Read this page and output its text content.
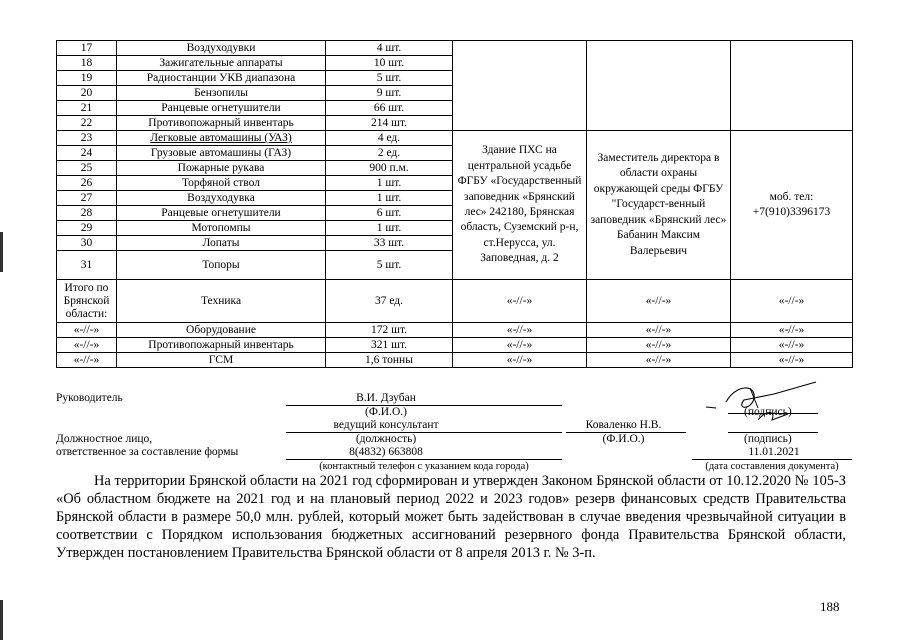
17	Воздуходувки	4 шт.			
18	Зажигательные аппараты	10 шт.			
19	Радиостанции УКВ диапазона	5 шт.			
20	Бензопилы	9 шт.			
21	Ранцевые огнетушители	66 шт.			
22	Противопожарный инвентарь	214 шт.			
23	Легковые автомашины (УАЗ)	4 ед.	Здание ПХС на центральной усадьбе ФГБУ «Государственный заповедник «Брянский лес» 242180, Брянская область, Суземский р-н, ст.Нерусса, ул. Заповедная, д. 2	Заместитель директора в области охраны окружающей среды ФГБУ "Государст-венный заповедник «Брянский лес» Бабанин Максим Валерьевич	моб. тел: +7(910)3396173
24	Грузовые автомашины (ГАЗ)	2 ед.			
25	Пожарные рукава	900 п.м.			
26	Торфяной ствол	1 шт.			
27	Воздуходувка	1 шт.			
28	Ранцевые огнетушители	6 шт.			
29	Мотопомпы	1 шт.			
30	Лопаты	33 шт.			
31	Топоры	5 шт.			
Итого по Брянской области:	Техника	37 ед.	«-//-»	«-//-»	«-//-»
«-//-»	Оборудование	172 шт.	«-//-»	«-//-»	«-//-»
«-//-»	Противопожарный инвентарь	321 шт.	«-//-»	«-//-»	«-//-»
«-//-»	ГСМ	1,6 тонны	«-//-»	«-//-»	«-//-»
Руководитель	В.И. Дзубан
(Ф.И.О.)
ведущий консультант
(должность)
Должностное лицо,
ответственное за составление формы
Коваленко Н.В.
(Ф.И.О.)
8(4832) 663808
(контактный телефон с указанием кода города)
(подпись)
(подпись)
11.01.2021
(дата составления документа)

На территории Брянской области на 2021 год сформирован и утвержден Законом Брянской области от 10.12.2020 № 105-З «Об областном бюджете на 2021 год и на плановый период 2022 и 2023 годов» резерв финансовых средств Правительства Брянской области в размере 50,0 млн. рублей, который может быть задействован в случае введения чрезвычайной ситуации в соответствии с Порядком использования бюджетных ассигнований резервного фонда Правительства Брянской области, Утвержден постановлением Правительства Брянской области от 8 апреля 2013 г. № 3-п.

188
